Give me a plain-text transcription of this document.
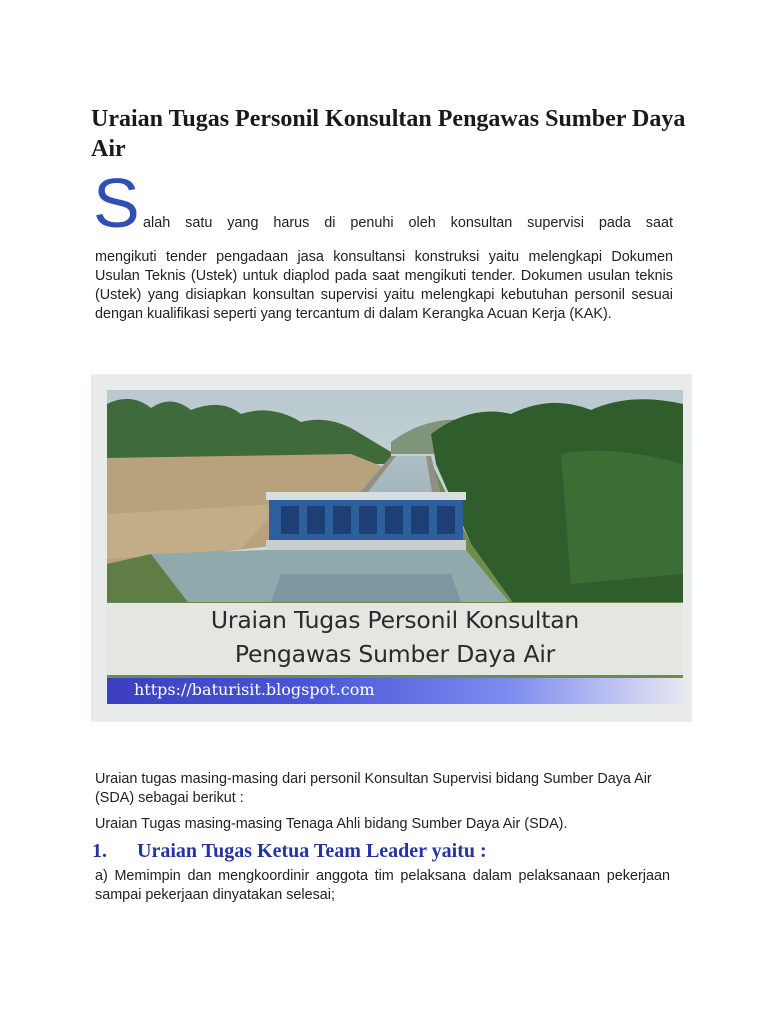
Uraian Tugas Personil Konsultan Pengawas Sumber Daya Air
S alah satu yang harus di penuhi oleh konsultan supervisi pada saat
mengikuti tender pengadaan jasa konsultansi konstruksi yaitu melengkapi Dokumen Usulan Teknis (Ustek) untuk diaplod pada saat mengikuti tender. Dokumen usulan teknis (Ustek) yang disiapkan konsultan supervisi yaitu melengkapi kebutuhan personil sesuai dengan kualifikasi seperti yang tercantum di dalam Kerangka Acuan Kerja (KAK).
Uraian Tugas Personil Konsultan
Pengawas Sumber Daya Air
https://baturisit.blogspot.com
Uraian tugas masing-masing dari personil Konsultan Supervisi bidang Sumber Daya Air (SDA) sebagai berikut :
Uraian Tugas masing-masing Tenaga Ahli bidang Sumber Daya Air (SDA).
1. Uraian Tugas Ketua Team Leader yaitu :
a) Memimpin dan mengkoordinir anggota tim pelaksana dalam pelaksanaan pekerjaan sampai pekerjaan dinyatakan selesai;
